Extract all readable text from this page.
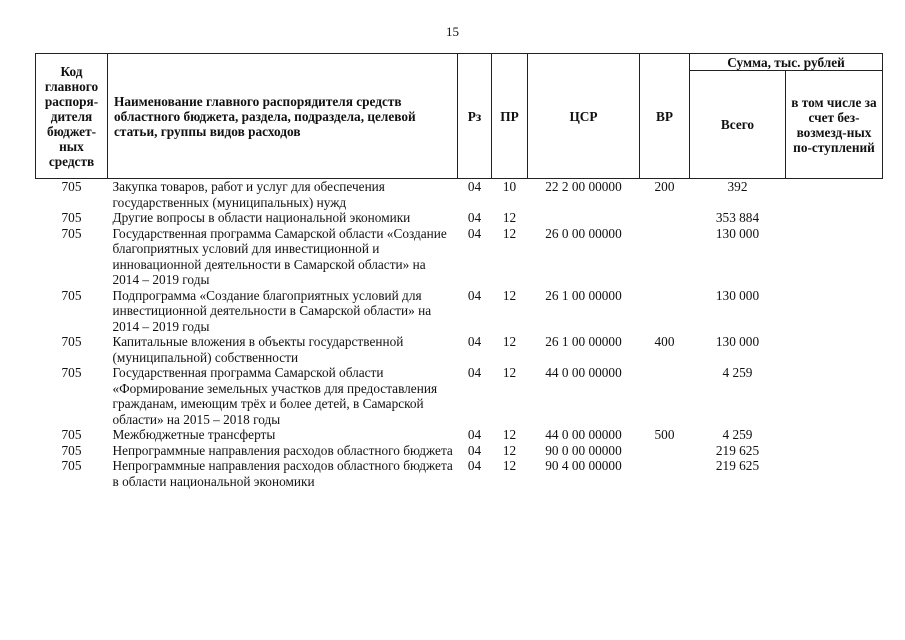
15
Код главного распоря-дителя бюджет-ных средств	Наименование главного распорядителя средств областного бюджета, раздела, подраздела, целевой статьи, группы видов расходов	Рз	ПР	ЦСР	ВР	Сумма, тыс. рублей	
						Всего	в том числе за счет без-возмезд-ных по-ступлений
705	Закупка товаров, работ и услуг для обеспечения государственных (муниципальных) нужд	04	10	22 2 00 00000	200	392	
705	Другие вопросы в области национальной экономики	04	12			353 884	
705	Государственная программа Самарской области «Создание благоприятных условий для инвестиционной и инновационной деятельности в Самарской области» на 2014 – 2019 годы	04	12	26 0 00 00000		130 000	
705	Подпрограмма «Создание благоприятных условий для инвестиционной деятельности в Самарской области» на 2014 – 2019 годы	04	12	26 1 00 00000		130 000	
705	Капитальные вложения в объекты государственной (муниципальной) собственности	04	12	26 1 00 00000	400	130 000	
705	Государственная программа Самарской области «Формирование земельных участков для предоставления гражданам, имеющим трёх и более детей, в Самарской области» на 2015 – 2018 годы	04	12	44 0 00 00000		4 259	
705	Межбюджетные трансферты	04	12	44 0 00 00000	500	4 259	
705	Непрограммные направления расходов областного бюджета	04	12	90 0 00 00000		219 625	
705	Непрограммные направления расходов областного бюджета в области национальной экономики	04	12	90 4 00 00000		219 625	
